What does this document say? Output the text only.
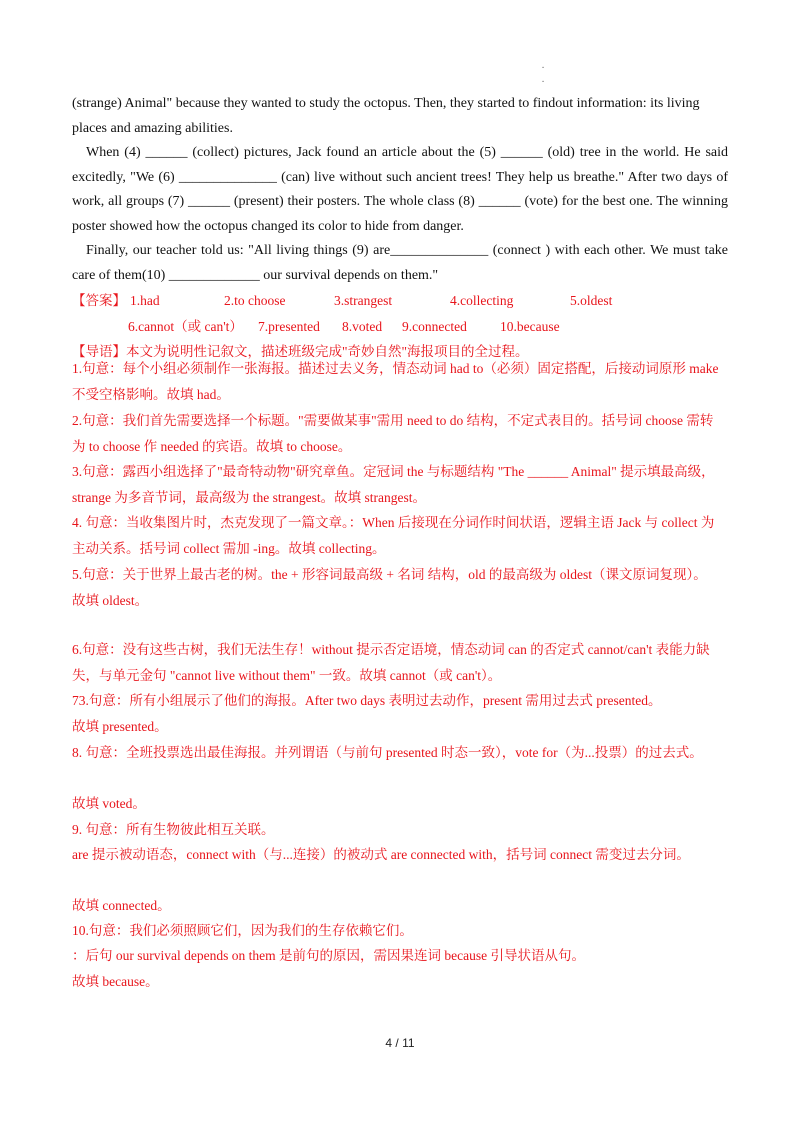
·
·
(strange) Animal" because they wanted to study the octopus. Then, they started to findout information: its living
places and amazing abilities.
When (4) ______ (collect) pictures, Jack found an article about the (5) ______ (old) tree in the world. He said excitedly, "We (6) ______________ (can) live without such ancient trees! They help us breathe." After two days of work, all groups (7) ______ (present) their posters. The whole class (8) ______ (vote) for the best one. The winning poster showed how the octopus changed its color to hide from danger.
Finally, our teacher told us: "All living things (9) are______________ (connect ) with each other. We must take care of them(10) _____________ our survival depends on them."
【答案】 1.had	2.to choose	3.strangest	4.collecting	5.oldest
6.cannot（或 can't） 7.presented 8.voted 9.connected 10.because
【导语】本文为说明性记叙文，描述班级完成"奇妙自然"海报项目的全过程。
1.句意：每个小组必须制作一张海报。描述过去义务，情态动词 had to（必须）固定搭配，后接动词原形 make 不受空格影响。故填 had。
2.句意：我们首先需要选择一个标题。"需要做某事"需用 need to do 结构，不定式表目的。括号词 choose 需转为 to choose 作 needed 的宾语。故填 to choose。
3.句意：露西小组选择了"最奇特动物"研究章鱼。定冠词 the 与标题结构 "The ______ Animal" 提示填最高级，strange 为多音节词，最高级为 the strangest。故填 strangest。
4. 句意：当收集图片时，杰克发现了一篇文章。：When 后接现在分词作时间状语，逻辑主语 Jack 与 collect 为主动关系。括号词 collect 需加 -ing。故填 collecting。
5.句意：关于世界上最古老的树。the + 形容词最高级 + 名词 结构，old 的最高级为 oldest（课文原词复现）。故填 oldest。
6.句意：没有这些古树，我们无法生存！without 提示否定语境，情态动词 can 的否定式 cannot/can't 表能力缺失，与单元金句 "cannot live without them" 一致。故填 cannot（或 can't）。
73.句意：所有小组展示了他们的海报。After two days 表明过去动作，present 需用过去式 presented。
故填 presented。
8. 句意：全班投票选出最佳海报。并列谓语（与前句 presented 时态一致），vote for（为...投票）的过去式。
故填 voted。
9. 句意：所有生物彼此相互关联。
are 提示被动语态，connect with（与...连接）的被动式 are connected with，括号词 connect 需变过去分词。
故填 connected。
10.句意：我们必须照顾它们，因为我们的生存依赖它们。
：后句 our survival depends on them 是前句的原因，需因果连词 because 引导状语从句。
故填 because。
4 / 11
